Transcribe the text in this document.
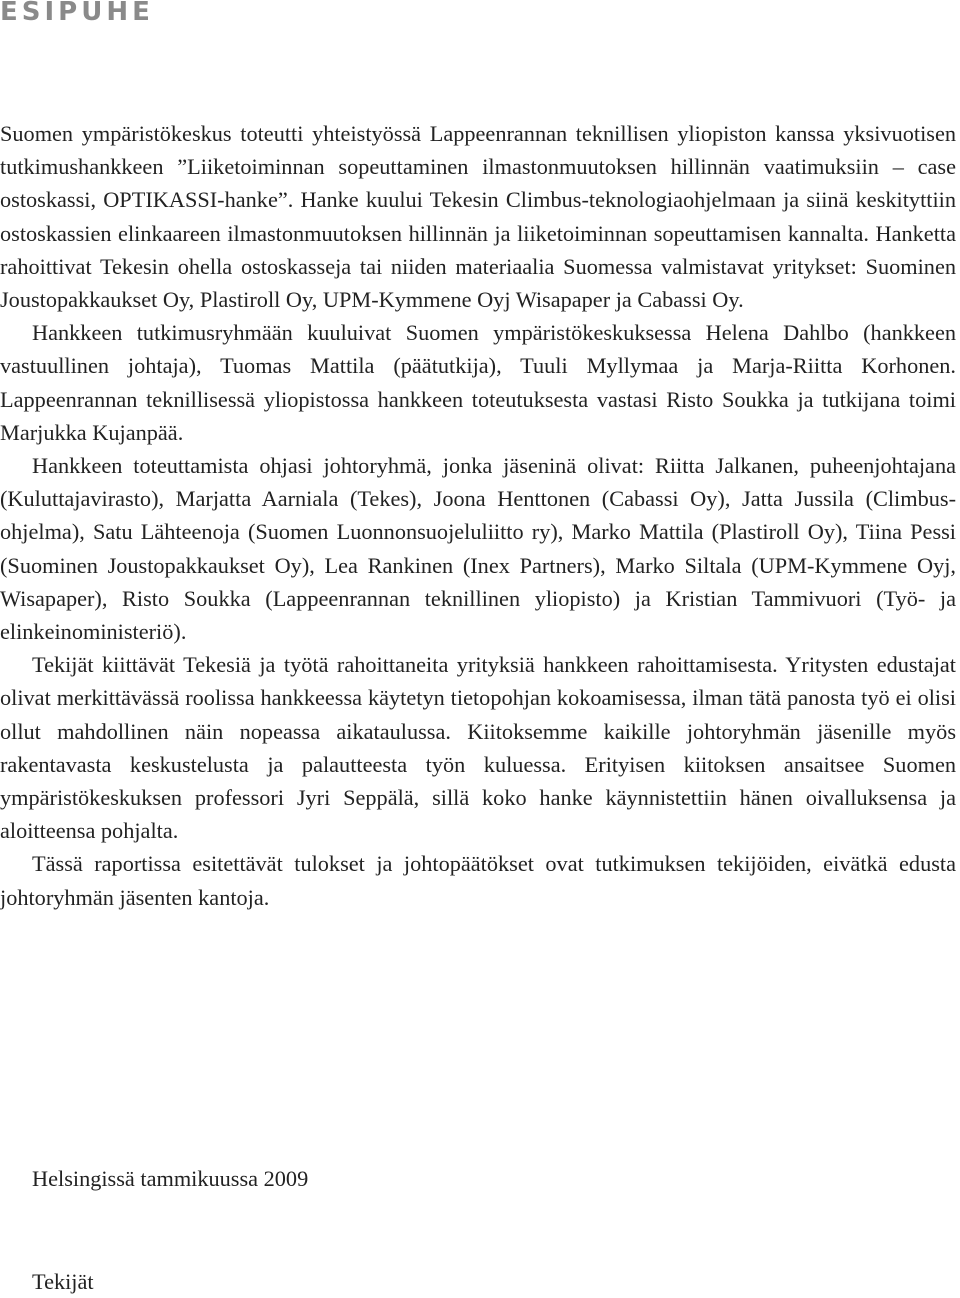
ESIPUHE

Suomen ympäristökeskus toteutti yhteistyössä Lappeenrannan teknillisen yliopiston kanssa yksivuotisen tutkimushankkeen ”Liiketoiminnan sopeuttaminen ilmastonmuutoksen hillinnän vaatimuksiin – case ostoskassi, OPTIKASSI-hanke”. Hanke kuului Tekesin Climbus-teknologiaohjelmaan ja siinä keskityttiin ostoskassien elinkaareen ilmastonmuutoksen hillinnän ja liiketoiminnan sopeuttamisen kannalta. Hanketta rahoittivat Tekesin ohella ostoskasseja tai niiden materiaalia Suomessa valmistavat yritykset: Suominen Joustopakkaukset Oy, Plastiroll Oy, UPM-Kymmene Oyj Wisapaper ja Cabassi Oy.

Hankkeen tutkimusryhmään kuuluivat Suomen ympäristökeskuksessa Helena Dahlbo (hankkeen vastuullinen johtaja), Tuomas Mattila (päätutkija), Tuuli Myllymaa ja Marja-Riitta Korhonen. Lappeenrannan teknillisessä yliopistossa hankkeen toteutuksesta vastasi Risto Soukka ja tutkijana toimi Marjukka Kujanpää.

Hankkeen toteuttamista ohjasi johtoryhmä, jonka jäseninä olivat: Riitta Jalkanen, puheenjohtajana (Kuluttajavirasto), Marjatta Aarniala (Tekes), Joona Henttonen (Cabassi Oy), Jatta Jussila (Climbus-ohjelma), Satu Lähteenoja (Suomen Luonnonsuojeluliitto ry), Marko Mattila (Plastiroll Oy), Tiina Pessi (Suominen Joustopakkaukset Oy), Lea Rankinen (Inex Partners), Marko Siltala (UPM-Kymmene Oyj, Wisapaper), Risto Soukka (Lappeenrannan teknillinen yliopisto) ja Kristian Tammivuori (Työ- ja elinkeinoministeriö).

Tekijät kiittävät Tekesiä ja työtä rahoittaneita yrityksiä hankkeen rahoittamisesta. Yritysten edustajat olivat merkittävässä roolissa hankkeessa käytetyn tietopohjan kokoamisessa, ilman tätä panosta työ ei olisi ollut mahdollinen näin nopeassa aikataulussa. Kiitoksemme kaikille johtoryhmän jäsenille myös rakentavasta keskustelusta ja palautteesta työn kuluessa. Erityisen kiitoksen ansaitsee Suomen ympäristökeskuksen professori Jyri Seppälä, sillä koko hanke käynnistettiin hänen oivalluksensa ja aloitteensa pohjalta.

Tässä raportissa esitettävät tulokset ja johtopäätökset ovat tutkimuksen tekijöiden, eivätkä edusta johtoryhmän jäsenten kantoja.

Helsingissä tammikuussa 2009

Tekijät
